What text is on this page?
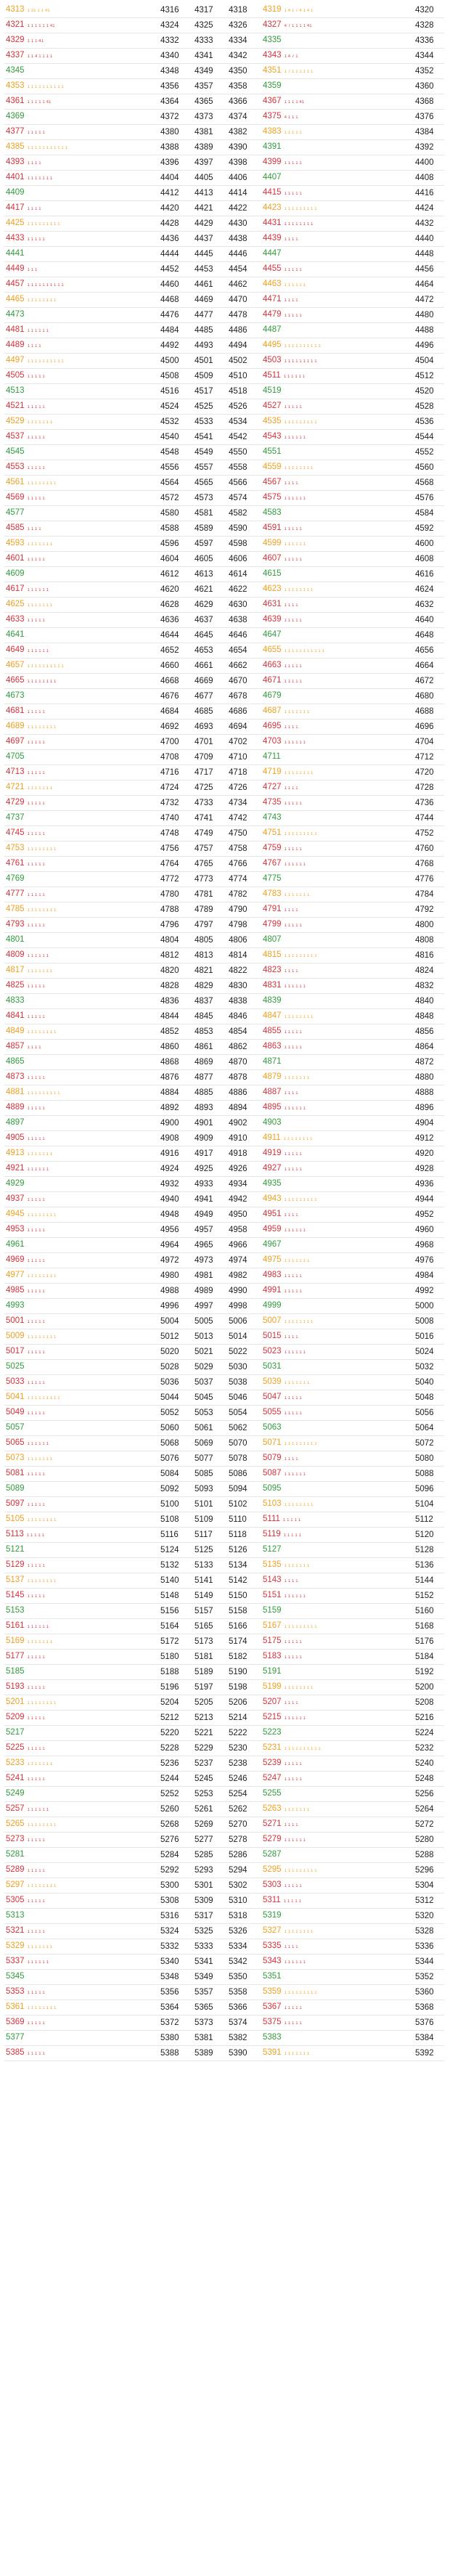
4313 1 31 1 1 41	4316	4317	4318	4319 1 4 1 7 4 1 4 1	4320
4321 1 1 1 1 1 1 41	4324	4325	4326	4327 4 7 1 1 1 1 41	4328
4329 1 1 1 41	4332	4333	4334	4335	4336
4337 1 1 4 1 1 1 1	4340	4341	4342	4343 1 4 7 1	4344
4345	4348	4349	4350	4351 1 7 1 1 1 1 1 1	4352
4353 1 1 1 1 1 1 1 1 1 1	4356	4357	4358	4359	4360
4361 1 1 1 1 1 41	4364	4365	4366	4367 1 1 1 1 41	4368
4369	4372	4373	4374	4375 4 1 1 1	4376
4377 1 1 1 1 1	4380	4381	4382	4383 1 1 1 1 1	4384
4385 1 1 1 1 1 1 1 1 1 1 1	4388	4389	4390	4391	4392
4393 1 1 1 1	4396	4397	4398	4399 1 1 1 1 1	4400
4401 1 1 1 1 1 1 1	4404	4405	4406	4407	4408
4409	4412	4413	4414	4415 1 1 1 1 1	4416
4417 1 1 1 1	4420	4421	4422	4423 1 1 1 1 1 1 1 1 1	4424
4425 1 1 1 1 1 1 1 1 1	4428	4429	4430	4431 1 1 1 1 1 1 1 1	4432
4433 1 1 1 1 1	4436	4437	4438	4439 1 1 1 1	4440
4441	4444	4445	4446	4447	4448
4449 1 1 1	4452	4453	4454	4455 1 1 1 1 1	4456
4457 1 1 1 1 1 1 1 1 1 1	4460	4461	4462	4463 1 1 1 1 1 1	4464
4465 1 1 1 1 1 1 1 1	4468	4469	4470	4471 1 1 1 1	4472
4473	4476	4477	4478	4479 1 1 1 1 1	4480
4481 1 1 1 1 1 1	4484	4485	4486	4487	4488
4489 1 1 1 1	4492	4493	4494	4495 1 1 1 1 1 1 1 1 1 1	4496
4497 1 1 1 1 1 1 1 1 1 1	4500	4501	4502	4503 1 1 1 1 1 1 1 1 1	4504
4505 1 1 1 1 1	4508	4509	4510	4511 1 1 1 1 1 1	4512
4513	4516	4517	4518	4519	4520
4521 1 1 1 1 1	4524	4525	4526	4527 1 1 1 1 1	4528
4529 1 1 1 1 1 1 1	4532	4533	4534	4535 1 1 1 1 1 1 1 1 1	4536
4537 1 1 1 1 1	4540	4541	4542	4543 1 1 1 1 1 1	4544
4545	4548	4549	4550	4551	4552
4553 1 1 1 1 1	4556	4557	4558	4559 1 1 1 1 1 1 1 1	4560
4561 1 1 1 1 1 1 1 1	4564	4565	4566	4567 1 1 1 1	4568
4569 1 1 1 1 1	4572	4573	4574	4575 1 1 1 1 1 1	4576
4577	4580	4581	4582	4583	4584
4585 1 1 1 1	4588	4589	4590	4591 1 1 1 1 1	4592
4593 1 1 1 1 1 1 1	4596	4597	4598	4599 1 1 1 1 1 1	4600
4601 1 1 1 1 1	4604	4605	4606	4607 1 1 1 1 1	4608
4609	4612	4613	4614	4615	4616
4617 1 1 1 1 1 1	4620	4621	4622	4623 1 1 1 1 1 1 1 1	4624
4625 1 1 1 1 1 1 1	4628	4629	4630	4631 1 1 1 1	4632
4633 1 1 1 1 1	4636	4637	4638	4639 1 1 1 1 1	4640
4641	4644	4645	4646	4647	4648
4649 1 1 1 1 1 1	4652	4653	4654	4655 1 1 1 1 1 1 1 1 1 1 1	4656
4657 1 1 1 1 1 1 1 1 1 1	4660	4661	4662	4663 1 1 1 1 1	4664
4665 1 1 1 1 1 1 1 1	4668	4669	4670	4671 1 1 1 1 1	4672
4673	4676	4677	4678	4679	4680
4681 1 1 1 1 1	4684	4685	4686	4687 1 1 1 1 1 1 1	4688
4689 1 1 1 1 1 1 1 1	4692	4693	4694	4695 1 1 1 1	4696
4697 1 1 1 1 1	4700	4701	4702	4703 1 1 1 1 1 1	4704
4705	4708	4709	4710	4711	4712
4713 1 1 1 1 1	4716	4717	4718	4719 1 1 1 1 1 1 1 1	4720
4721 1 1 1 1 1 1 1	4724	4725	4726	4727 1 1 1 1	4728
4729 1 1 1 1 1	4732	4733	4734	4735 1 1 1 1 1	4736
4737	4740	4741	4742	4743	4744
4745 1 1 1 1 1	4748	4749	4750	4751 1 1 1 1 1 1 1 1 1	4752
4753 1 1 1 1 1 1 1 1	4756	4757	4758	4759 1 1 1 1 1	4760
4761 1 1 1 1 1	4764	4765	4766	4767 1 1 1 1 1 1	4768
4769	4772	4773	4774	4775	4776
4777 1 1 1 1 1	4780	4781	4782	4783 1 1 1 1 1 1 1	4784
4785 1 1 1 1 1 1 1 1	4788	4789	4790	4791 1 1 1 1	4792
4793 1 1 1 1 1	4796	4797	4798	4799 1 1 1 1 1	4800
4801	4804	4805	4806	4807	4808
4809 1 1 1 1 1 1	4812	4813	4814	4815 1 1 1 1 1 1 1 1 1	4816
4817 1 1 1 1 1 1 1	4820	4821	4822	4823 1 1 1 1	4824
4825 1 1 1 1 1	4828	4829	4830	4831 1 1 1 1 1 1	4832
4833	4836	4837	4838	4839	4840
4841 1 1 1 1 1	4844	4845	4846	4847 1 1 1 1 1 1 1 1	4848
4849 1 1 1 1 1 1 1 1	4852	4853	4854	4855 1 1 1 1 1	4856
4857 1 1 1 1	4860	4861	4862	4863 1 1 1 1 1	4864
4865	4868	4869	4870	4871	4872
4873 1 1 1 1 1	4876	4877	4878	4879 1 1 1 1 1 1 1	4880
4881 1 1 1 1 1 1 1 1 1	4884	4885	4886	4887 1 1 1 1	4888
4889 1 1 1 1 1	4892	4893	4894	4895 1 1 1 1 1 1	4896
4897	4900	4901	4902	4903	4904
4905 1 1 1 1 1	4908	4909	4910	4911 1 1 1 1 1 1 1 1	4912
4913 1 1 1 1 1 1 1	4916	4917	4918	4919 1 1 1 1 1	4920
4921 1 1 1 1 1 1	4924	4925	4926	4927 1 1 1 1 1	4928
4929	4932	4933	4934	4935	4936
4937 1 1 1 1 1	4940	4941	4942	4943 1 1 1 1 1 1 1 1 1	4944
4945 1 1 1 1 1 1 1 1	4948	4949	4950	4951 1 1 1 1	4952
4953 1 1 1 1 1	4956	4957	4958	4959 1 1 1 1 1 1	4960
4961	4964	4965	4966	4967	4968
4969 1 1 1 1 1	4972	4973	4974	4975 1 1 1 1 1 1 1	4976
4977 1 1 1 1 1 1 1 1	4980	4981	4982	4983 1 1 1 1 1	4984
4985 1 1 1 1 1	4988	4989	4990	4991 1 1 1 1 1	4992
4993	4996	4997	4998	4999	5000
5001 1 1 1 1 1	5004	5005	5006	5007 1 1 1 1 1 1 1 1	5008
5009 1 1 1 1 1 1 1 1	5012	5013	5014	5015 1 1 1 1	5016
5017 1 1 1 1 1	5020	5021	5022	5023 1 1 1 1 1 1	5024
5025	5028	5029	5030	5031	5032
5033 1 1 1 1 1	5036	5037	5038	5039 1 1 1 1 1 1 1	5040
5041 1 1 1 1 1 1 1 1 1	5044	5045	5046	5047 1 1 1 1 1	5048
5049 1 1 1 1 1	5052	5053	5054	5055 1 1 1 1 1	5056
5057	5060	5061	5062	5063	5064
5065 1 1 1 1 1 1	5068	5069	5070	5071 1 1 1 1 1 1 1 1 1	5072
5073 1 1 1 1 1 1 1	5076	5077	5078	5079 1 1 1 1	5080
5081 1 1 1 1 1	5084	5085	5086	5087 1 1 1 1 1 1	5088
5089	5092	5093	5094	5095	5096
5097 1 1 1 1 1	5100	5101	5102	5103 1 1 1 1 1 1 1 1	5104
5105 1 1 1 1 1 1 1 1	5108	5109	5110	5111 1 1 1 1 1	5112
5113 1 1 1 1 1	5116	5117	5118	5119 1 1 1 1 1	5120
5121	5124	5125	5126	5127	5128
5129 1 1 1 1 1	5132	5133	5134	5135 1 1 1 1 1 1 1	5136
5137 1 1 1 1 1 1 1 1	5140	5141	5142	5143 1 1 1 1	5144
5145 1 1 1 1 1	5148	5149	5150	5151 1 1 1 1 1 1	5152
5153	5156	5157	5158	5159	5160
5161 1 1 1 1 1 1	5164	5165	5166	5167 1 1 1 1 1 1 1 1 1	5168
5169 1 1 1 1 1 1 1	5172	5173	5174	5175 1 1 1 1 1	5176
5177 1 1 1 1 1	5180	5181	5182	5183 1 1 1 1 1	5184
5185	5188	5189	5190	5191	5192
5193 1 1 1 1 1	5196	5197	5198	5199 1 1 1 1 1 1 1 1	5200
5201 1 1 1 1 1 1 1 1	5204	5205	5206	5207 1 1 1 1	5208
5209 1 1 1 1 1	5212	5213	5214	5215 1 1 1 1 1 1	5216
5217	5220	5221	5222	5223	5224
5225 1 1 1 1 1	5228	5229	5230	5231 1 1 1 1 1 1 1 1 1 1	5232
5233 1 1 1 1 1 1 1	5236	5237	5238	5239 1 1 1 1 1	5240
5241 1 1 1 1 1	5244	5245	5246	5247 1 1 1 1 1	5248
5249	5252	5253	5254	5255	5256
5257 1 1 1 1 1 1	5260	5261	5262	5263 1 1 1 1 1 1 1	5264
5265 1 1 1 1 1 1 1 1	5268	5269	5270	5271 1 1 1 1	5272
5273 1 1 1 1 1	5276	5277	5278	5279 1 1 1 1 1 1	5280
5281	5284	5285	5286	5287	5288
5289 1 1 1 1 1	5292	5293	5294	5295 1 1 1 1 1 1 1 1 1	5296
5297 1 1 1 1 1 1 1 1	5300	5301	5302	5303 1 1 1 1 1	5304
5305 1 1 1 1 1	5308	5309	5310	5311 1 1 1 1 1	5312
5313	5316	5317	5318	5319	5320
5321 1 1 1 1 1	5324	5325	5326	5327 1 1 1 1 1 1 1 1	5328
5329 1 1 1 1 1 1 1	5332	5333	5334	5335 1 1 1 1	5336
5337 1 1 1 1 1 1	5340	5341	5342	5343 1 1 1 1 1 1	5344
5345	5348	5349	5350	5351	5352
5353 1 1 1 1 1	5356	5357	5358	5359 1 1 1 1 1 1 1 1 1	5360
5361 1 1 1 1 1 1 1 1	5364	5365	5366	5367 1 1 1 1 1	5368
5369 1 1 1 1 1	5372	5373	5374	5375 1 1 1 1 1	5376
5377	5380	5381	5382	5383	5384
5385 1 1 1 1 1	5388	5389	5390	5391 1 1 1 1 1 1 1	5392
